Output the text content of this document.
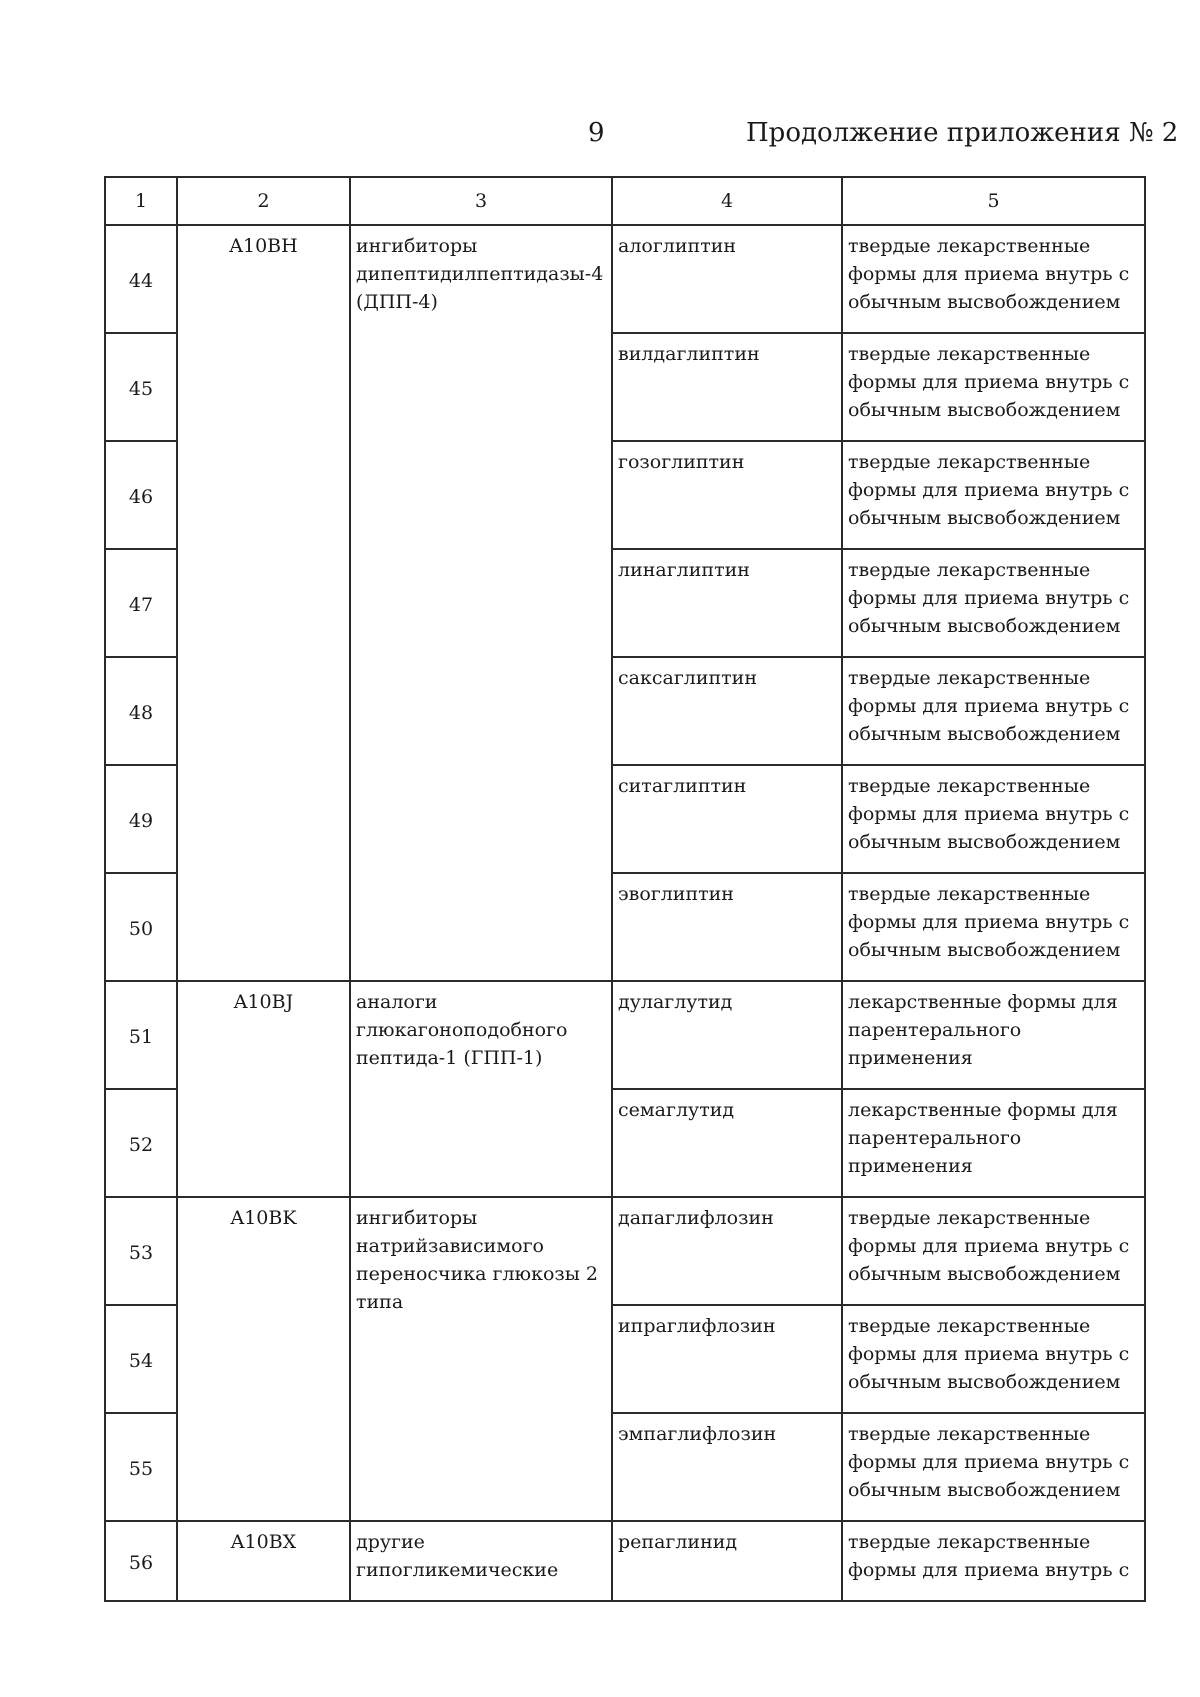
9	Продолжение приложения № 2
1	2	3	4	5
44	A10BH	ингибиторы дипептидилпептидазы-4 (ДПП-4)	алоглиптин	твердые лекарственные формы для приема внутрь с обычным высвобождением
45			вилдаглиптин	твердые лекарственные формы для приема внутрь с обычным высвобождением
46			гозоглиптин	твердые лекарственные формы для приема внутрь с обычным высвобождением
47			линаглиптин	твердые лекарственные формы для приема внутрь с обычным высвобождением
48			саксаглиптин	твердые лекарственные формы для приема внутрь с обычным высвобождением
49			ситаглиптин	твердые лекарственные формы для приема внутрь с обычным высвобождением
50			эвоглиптин	твердые лекарственные формы для приема внутрь с обычным высвобождением
51	A10BJ	аналоги глюкагоноподобного пептида-1 (ГПП-1)	дулаглутид	лекарственные формы для парентерального применения
52			семаглутид	лекарственные формы для парентерального применения
53	A10BK	ингибиторы натрийзависимого переносчика глюкозы 2 типа	дапаглифлозин	твердые лекарственные формы для приема внутрь с обычным высвобождением
54			ипраглифлозин	твердые лекарственные формы для приема внутрь с обычным высвобождением
55			эмпаглифлозин	твердые лекарственные формы для приема внутрь с обычным высвобождением
56	A10BX	другие гипогликемические	репаглинид	твердые лекарственные формы для приема внутрь с
